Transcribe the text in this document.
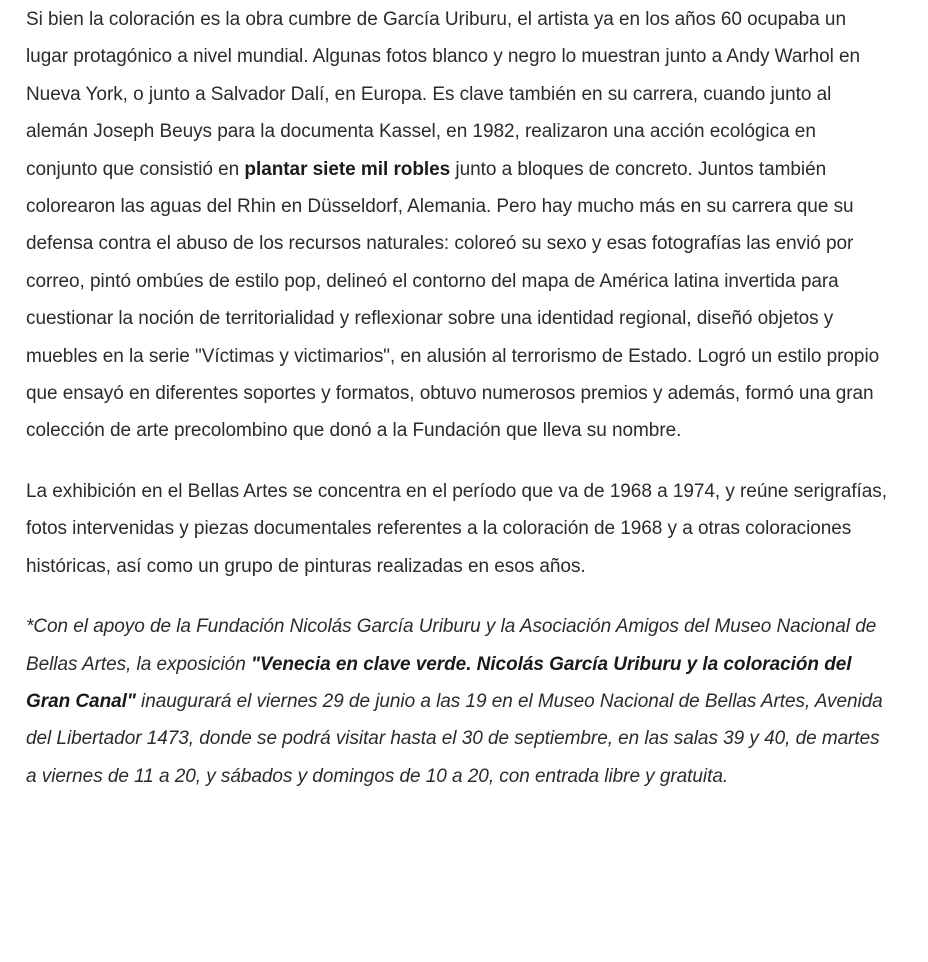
Si bien la coloración es la obra cumbre de García Uriburu, el artista ya en los años 60 ocupaba un lugar protagónico a nivel mundial. Algunas fotos blanco y negro lo muestran junto a Andy Warhol en Nueva York, o junto a Salvador Dalí, en Europa. Es clave también en su carrera, cuando junto al alemán Joseph Beuys para la documenta Kassel, en 1982, realizaron una acción ecológica en conjunto que consistió en plantar siete mil robles junto a bloques de concreto. Juntos también colorearon las aguas del Rhin en Düsseldorf, Alemania. Pero hay mucho más en su carrera que su defensa contra el abuso de los recursos naturales: coloreó su sexo y esas fotografías las envió por correo, pintó ombúes de estilo pop, delineó el contorno del mapa de América latina invertida para cuestionar la noción de territorialidad y reflexionar sobre una identidad regional, diseñó objetos y muebles en la serie "Víctimas y victimarios", en alusión al terrorismo de Estado. Logró un estilo propio que ensayó en diferentes soportes y formatos, obtuvo numerosos premios y además, formó una gran colección de arte precolombino que donó a la Fundación que lleva su nombre.

La exhibición en el Bellas Artes se concentra en el período que va de 1968 a 1974, y reúne serigrafías, fotos intervenidas y piezas documentales referentes a la coloración de 1968 y a otras coloraciones históricas, así como un grupo de pinturas realizadas en esos años.

*Con el apoyo de la Fundación Nicolás García Uriburu y la Asociación Amigos del Museo Nacional de Bellas Artes, la exposición "Venecia en clave verde. Nicolás García Uriburu y la coloración del Gran Canal" inaugurará el viernes 29 de junio a las 19 en el Museo Nacional de Bellas Artes, Avenida del Libertador 1473, donde se podrá visitar hasta el 30 de septiembre, en las salas 39 y 40, de martes a viernes de 11 a 20, y sábados y domingos de 10 a 20, con entrada libre y gratuita.
